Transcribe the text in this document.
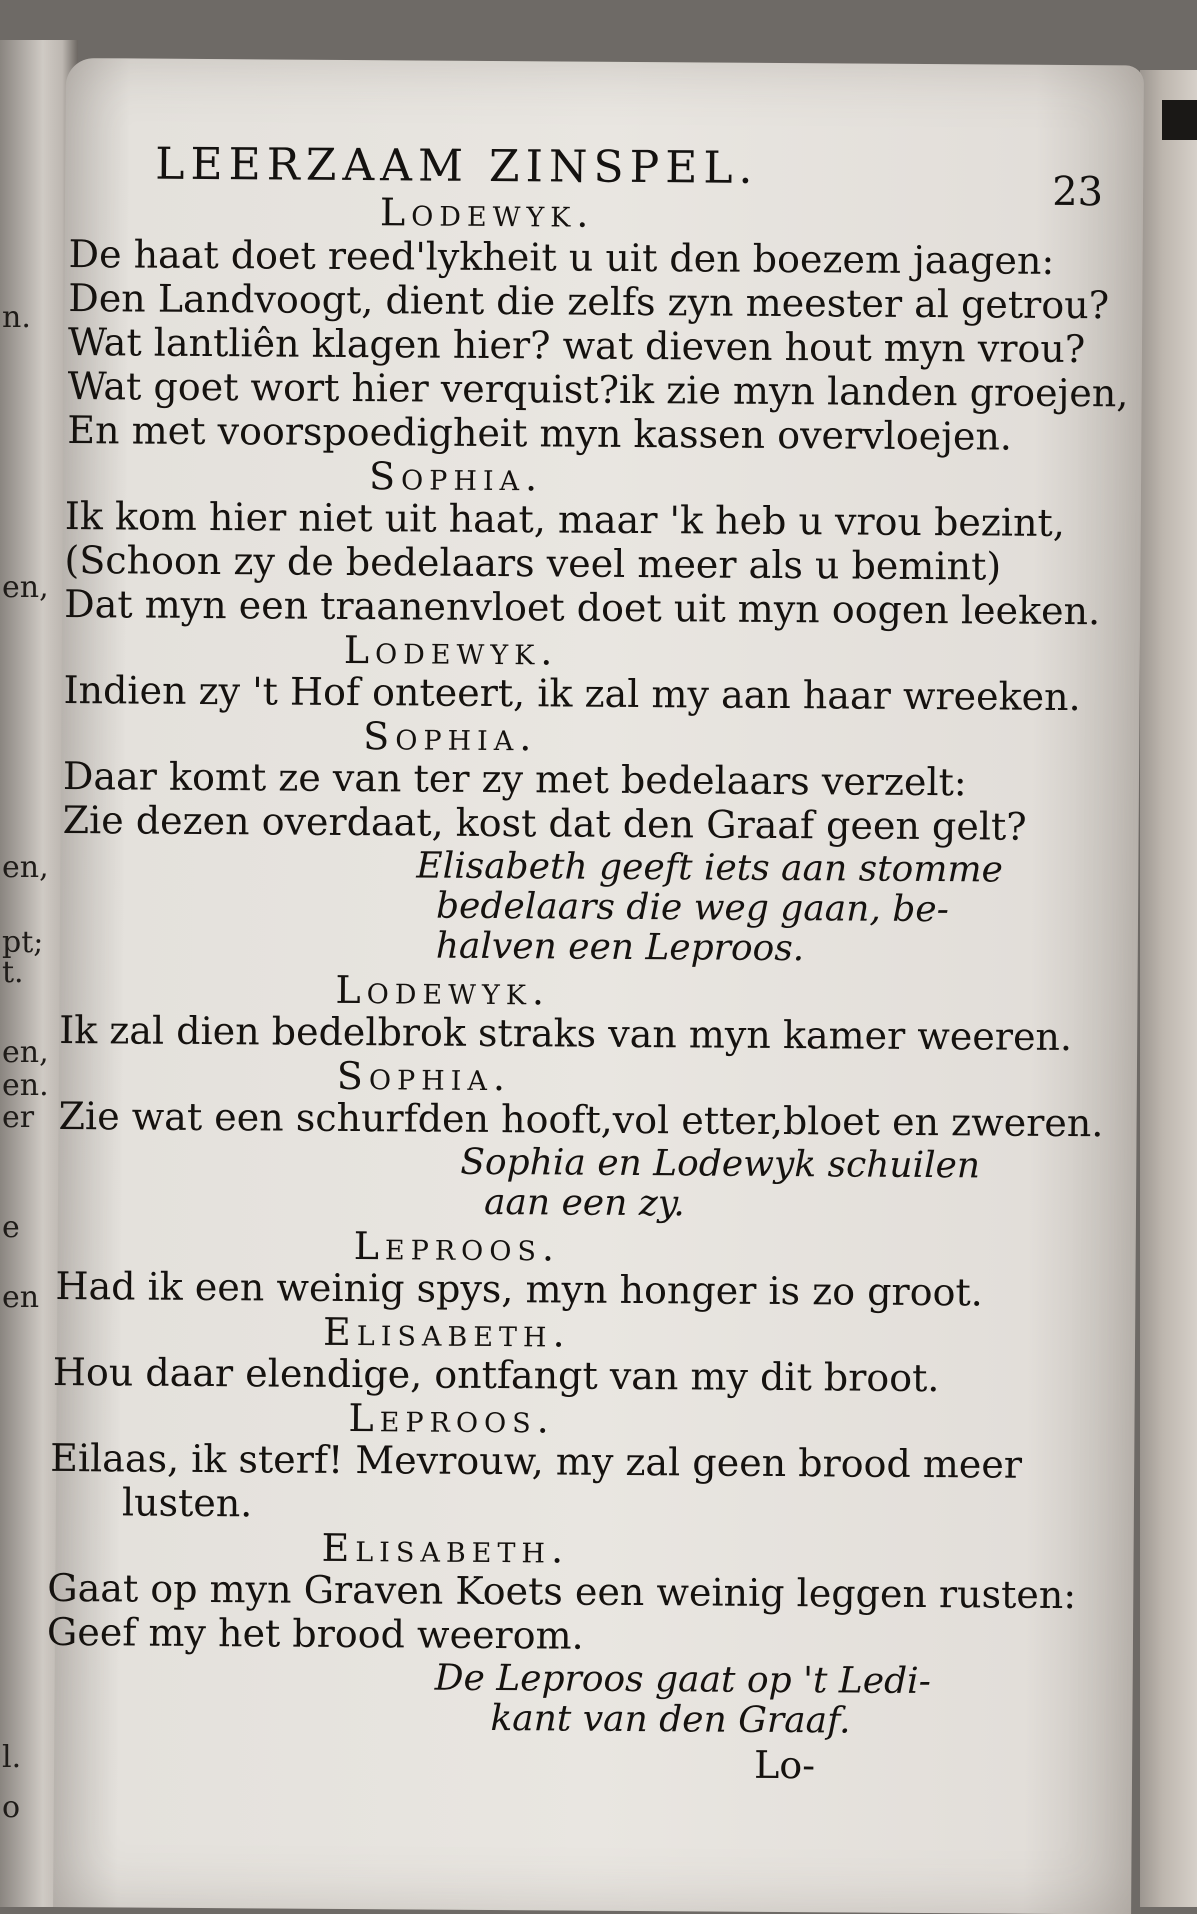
n.
en,
en,
pt;
t.
en,
en.
er
e
en
l.
o
LEERZAAM ZINSPEL.	23
Lodewyk.
De haat doet reed'lykheit u uit den boezem jaagen:
Den Landvoogt, dient die zelfs zyn meester al getrou?
Wat lantliên klagen hier? wat dieven hout myn vrou?
Wat goet wort hier verquist?ik zie myn landen groejen,
En met voorspoedigheit myn kassen overvloejen.
Sophia.
Ik kom hier niet uit haat, maar 'k heb u vrou bezint,
(Schoon zy de bedelaars veel meer als u bemint)
Dat myn een traanenvloet doet uit myn oogen leeken.
Lodewyk.
Indien zy 't Hof onteert, ik zal my aan haar wreeken.
Sophia.
Daar komt ze van ter zy met bedelaars verzelt:
Zie dezen overdaat, kost dat den Graaf geen gelt?
Elisabeth geeft iets aan stomme
bedelaars die weg gaan, be-
halven een Leproos.
Lodewyk.
Ik zal dien bedelbrok straks van myn kamer weeren.
Sophia.
Zie wat een schurfden hooft,vol etter,bloet en zweren.
Sophia en Lodewyk schuilen
aan een zy.
Leproos.
Had ik een weinig spys, myn honger is zo groot.
Elisabeth.
Hou daar elendige, ontfangt van my dit broot.
Leproos.
Eilaas, ik sterf! Mevrouw, my zal geen brood meer
lusten.
Elisabeth.
Gaat op myn Graven Koets een weinig leggen rusten:
Geef my het brood weerom.
De Leproos gaat op 't Ledi-
kant van den Graaf.
Lo-
